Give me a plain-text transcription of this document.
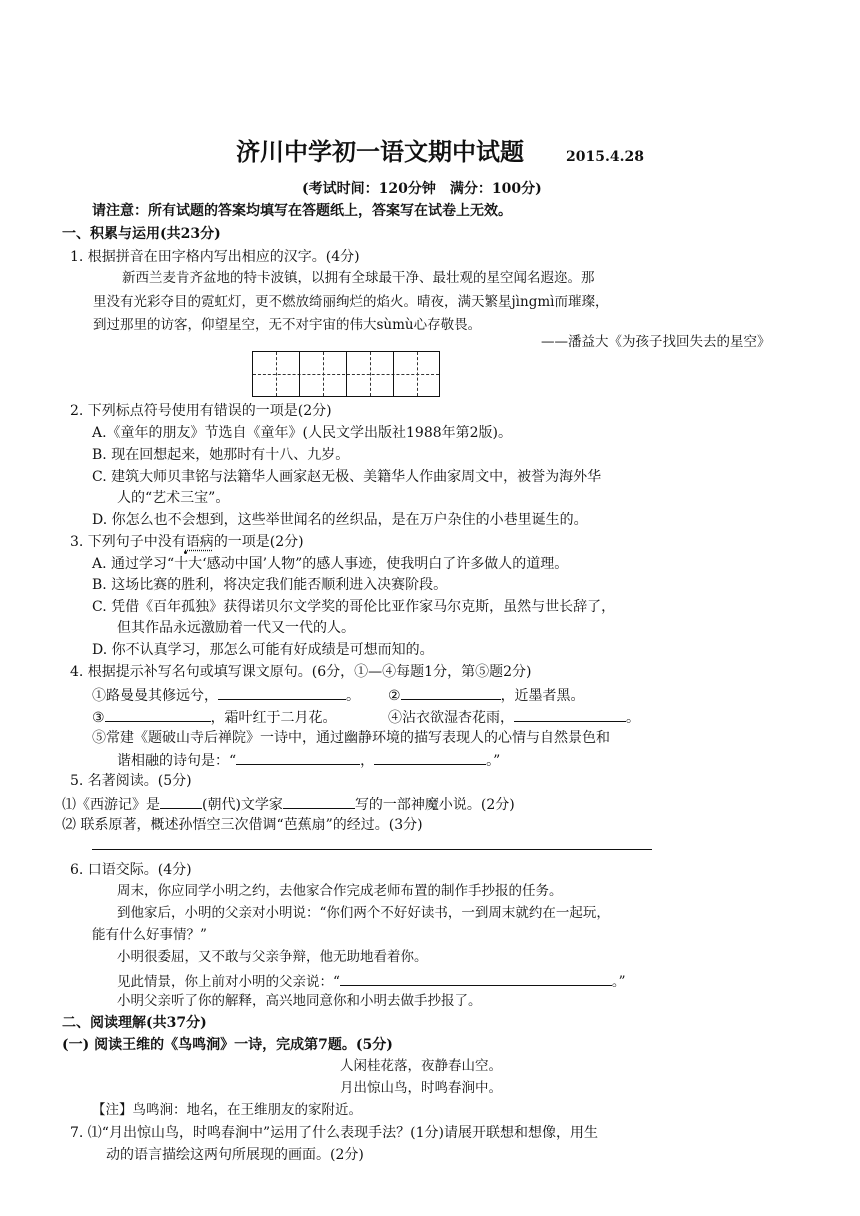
济川中学初一语文期中试题	2015.4.28
(考试时间：120分钟　满分：100分)
请注意：所有试题的答案均填写在答题纸上，答案写在试卷上无效。
一、积累与运用(共23分)
1. 根据拼音在田字格内写出相应的汉字。(4分)
新西兰麦肯齐盆地的特卡波镇，以拥有全球最干净、最壮观的星空闻名遐迩。那
里没有光彩夺目的霓虹灯，更不燃放绮丽绚烂的焰火。晴夜，满天繁星jìngmì而璀璨，
到过那里的访客，仰望星空，无不对宇宙的伟大sùmù心存敬畏。
——潘益大《为孩子找回失去的星空》
2. 下列标点符号使用有错误的一项是(2分)
A.《童年的朋友》节选自《童年》(人民文学出版社1988年第2版)。
B. 现在回想起来，她那时有十八、九岁。
C. 建筑大师贝聿铭与法籍华人画家赵无极、美籍华人作曲家周文中，被誉为海外华
人的“艺术三宝”。
D. 你怎么也不会想到，这些举世闻名的丝织品，是在万户杂住的小巷里诞生的。
3. 下列句子中没有语病的一项是(2分)
A. 通过学习“十大‘感动中国’人物”的感人事迹，使我明白了许多做人的道理。
B. 这场比赛的胜利，将决定我们能否顺利进入决赛阶段。
C. 凭借《百年孤独》获得诺贝尔文学奖的哥伦比亚作家马尔克斯，虽然与世长辞了，
但其作品永远激励着一代又一代的人。
D. 你不认真学习，那怎么可能有好成绩是可想而知的。
4. 根据提示补写名句或填写课文原句。(6分，①—④每题1分，第⑤题2分)
①路曼曼其修远兮，	。 ②	，近墨者黑。
③	，霜叶红于二月花。	④沾衣欲湿杏花雨，	。
⑤常建《题破山寺后禅院》一诗中，通过幽静环境的描写表现人的心情与自然景色和
谐相融的诗句是：“	，	。”
5. 名著阅读。(5分)
⑴《西游记》是	(朝代)文学家	写的一部神魔小说。(2分)
⑵ 联系原著，概述孙悟空三次借调“芭蕉扇”的经过。(3分)
6. 口语交际。(4分)
周末，你应同学小明之约，去他家合作完成老师布置的制作手抄报的任务。
到他家后，小明的父亲对小明说：“你们两个不好好读书，一到周末就约在一起玩，
能有什么好事情？”
小明很委屈，又不敢与父亲争辩，他无助地看着你。
见此情景，你上前对小明的父亲说：“	。”
小明父亲听了你的解释，高兴地同意你和小明去做手抄报了。
二、阅读理解(共37分)
(一) 阅读王维的《鸟鸣涧》一诗，完成第7题。(5分)
人闲桂花落，夜静春山空。
月出惊山鸟，时鸣春涧中。
【注】鸟鸣涧：地名，在王维朋友的家附近。
7. ⑴“月出惊山鸟，时鸣春涧中”运用了什么表现手法？(1分)请展开联想和想像，用生
动的语言描绘这两句所展现的画面。(2分)
